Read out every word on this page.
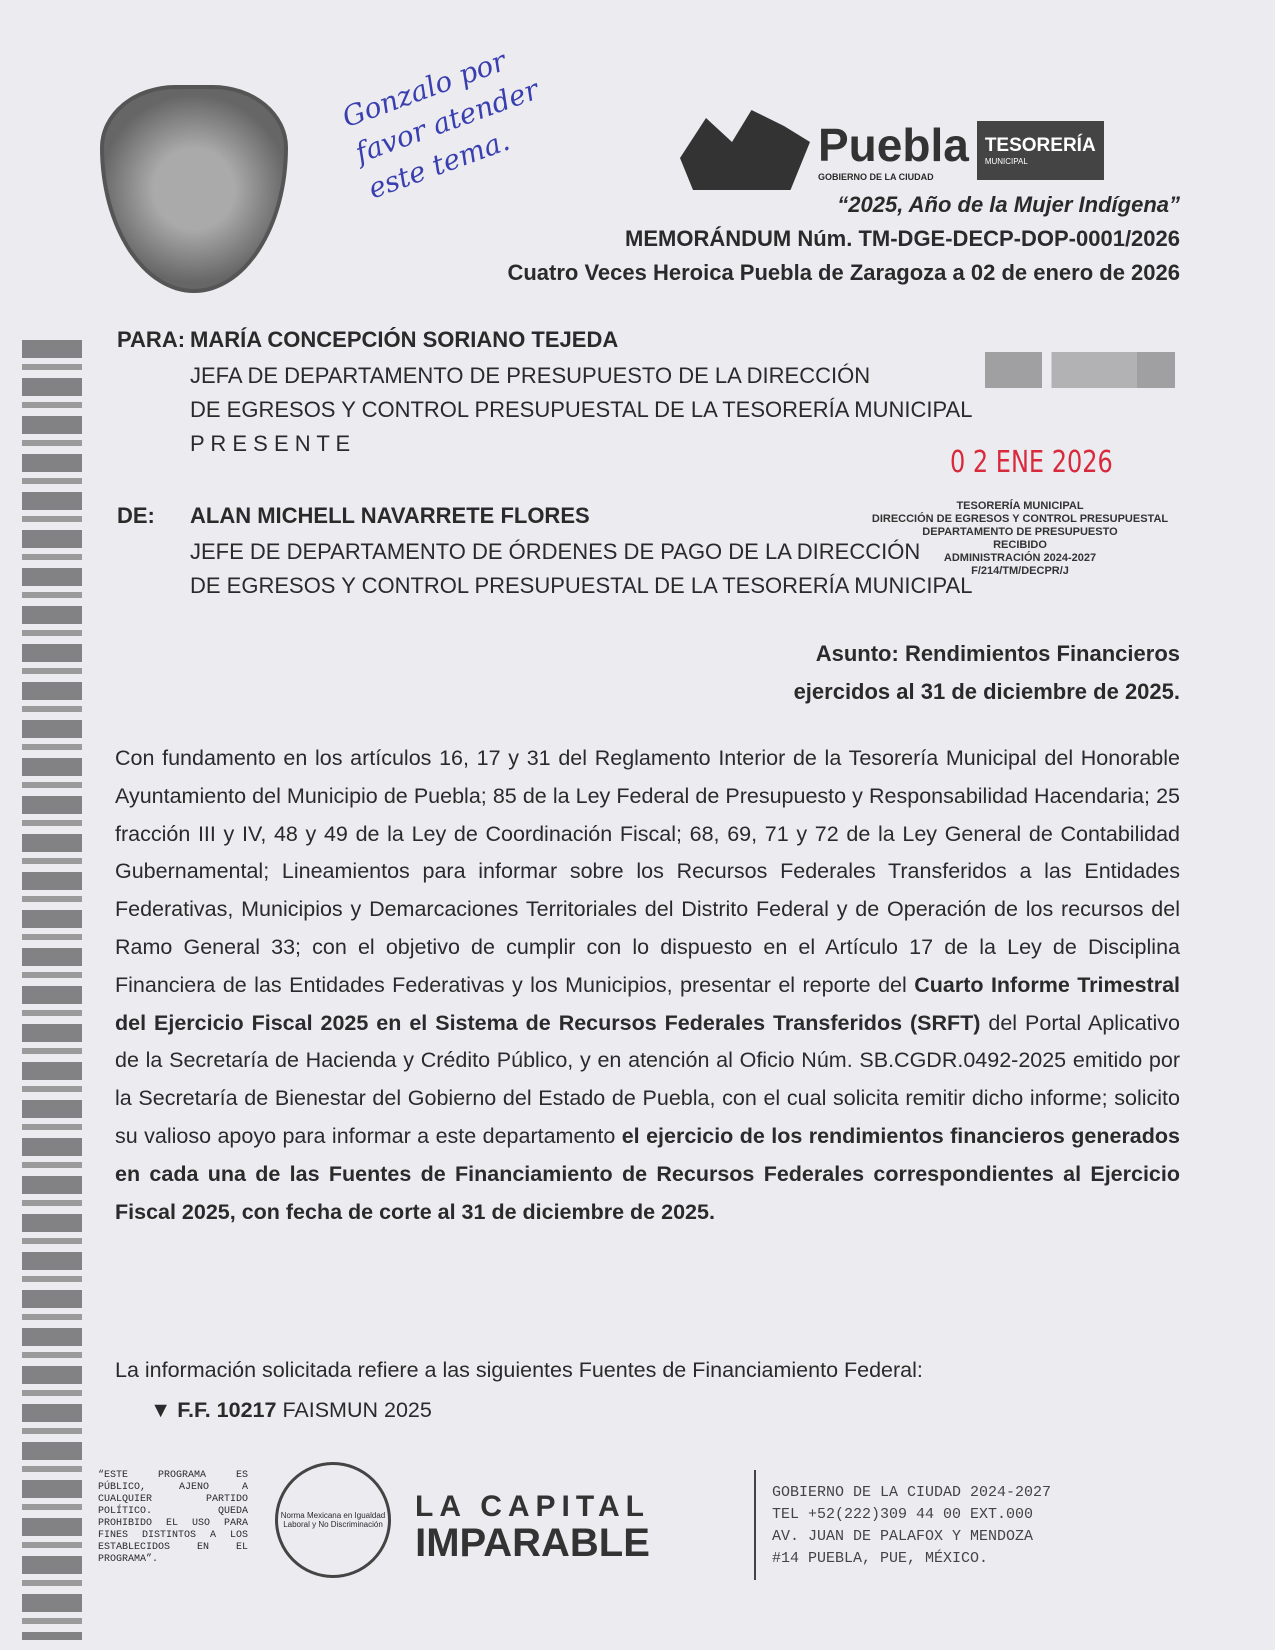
Gonzalo por favor atender este tema.	Puebla
GOBIERNO DE LA CIUDAD
TESORERÍA
MUNICIPAL
“2025, Año de la Mujer Indígena”
MEMORÁNDUM Núm. TM-DGE-DECP-DOP-0001/2026
Cuatro Veces Heroica Puebla de Zaragoza a 02 de enero de 2026
PARA: MARÍA CONCEPCIÓN SORIANO TEJEDA
JEFA DE DEPARTAMENTO DE PRESUPUESTO DE LA DIRECCIÓN
DE EGRESOS Y CONTROL PRESUPUESTAL DE LA TESORERÍA MUNICIPAL
P R E S E N T E
0 2 ENE 2026
TESORERÍA MUNICIPAL
DIRECCIÓN DE EGRESOS Y CONTROL PRESUPUESTAL
DEPARTAMENTO DE PRESUPUESTO
RECIBIDO
ADMINISTRACIÓN 2024-2027
F/214/TM/DECPR/J
DE: ALAN MICHELL NAVARRETE FLORES
JEFE DE DEPARTAMENTO DE ÓRDENES DE PAGO DE LA DIRECCIÓN
DE EGRESOS Y CONTROL PRESUPUESTAL DE LA TESORERÍA MUNICIPAL
Asunto: Rendimientos Financieros
ejercidos al 31 de diciembre de 2025.
Con fundamento en los artículos 16, 17 y 31 del Reglamento Interior de la Tesorería Municipal del Honorable Ayuntamiento del Municipio de Puebla; 85 de la Ley Federal de Presupuesto y Responsabilidad Hacendaria; 25 fracción III y IV, 48 y 49 de la Ley de Coordinación Fiscal; 68, 69, 71 y 72 de la Ley General de Contabilidad Gubernamental; Lineamientos para informar sobre los Recursos Federales Transferidos a las Entidades Federativas, Municipios y Demarcaciones Territoriales del Distrito Federal y de Operación de los recursos del Ramo General 33; con el objetivo de cumplir con lo dispuesto en el Artículo 17 de la Ley de Disciplina Financiera de las Entidades Federativas y los Municipios, presentar el reporte del Cuarto Informe Trimestral del Ejercicio Fiscal 2025 en el Sistema de Recursos Federales Transferidos (SRFT) del Portal Aplicativo de la Secretaría de Hacienda y Crédito Público, y en atención al Oficio Núm. SB.CGDR.0492-2025 emitido por la Secretaría de Bienestar del Gobierno del Estado de Puebla, con el cual solicita remitir dicho informe; solicito su valioso apoyo para informar a este departamento el ejercicio de los rendimientos financieros generados en cada una de las Fuentes de Financiamiento de Recursos Federales correspondientes al Ejercicio Fiscal 2025, con fecha de corte al 31 de diciembre de 2025.
La información solicitada refiere a las siguientes Fuentes de Financiamiento Federal:
▼ F.F. 10217 FAISMUN 2025
“ESTE PROGRAMA ES PÚBLICO, AJENO A CUALQUIER PARTIDO POLÍTICO. QUEDA PROHIBIDO EL USO PARA FINES DISTINTOS A LOS ESTABLECIDOS EN EL PROGRAMA”.
Norma Mexicana en Igualdad Laboral y No Discriminación
LA CAPITAL
IMPARABLE
GOBIERNO DE LA CIUDAD 2024-2027
TEL +52(222)309 44 00 EXT.000
AV. JUAN DE PALAFOX Y MENDOZA
#14 PUEBLA, PUE, MÉXICO.
